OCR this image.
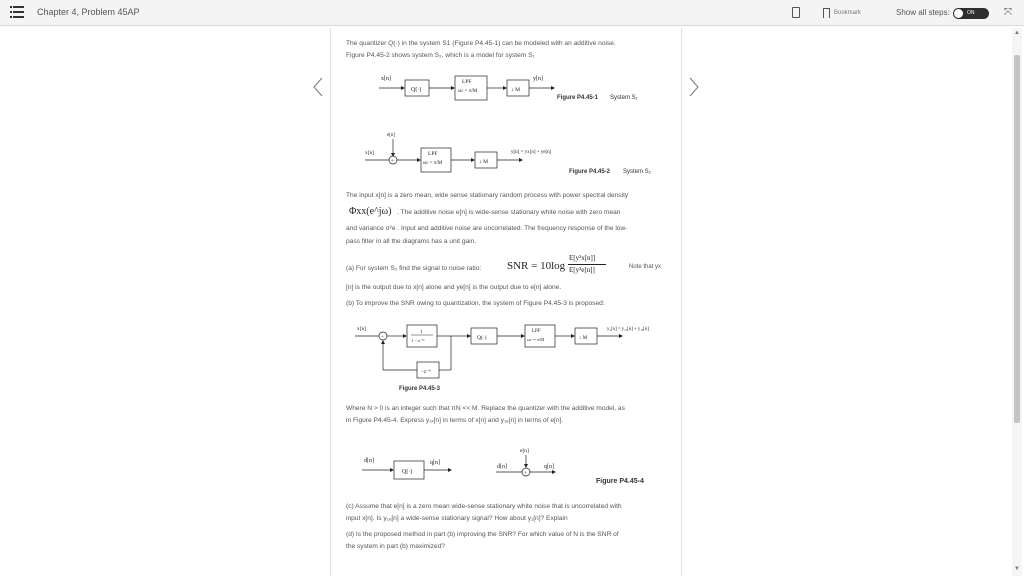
Chapter 4, Problem 45AP	Bookmark	Show all steps:	ON	⤧
▲
▼
The quantizer Q(·) in the system S1 (Figure P4.45-1) can be modeled with an additive noise.
Figure P4.45-2 shows system S₂, which is a model for system S₁
x[n]
Q(·)
LPF
ωc = π/M	↓ M
y[n]
Figure P4.45-1 System S₁
e[n]
x[n]
+
LPF
ωc = π/M	↓ M
y[n] = yx[n] + ye[n]
Figure P4.45-2 System S₂
The input x[n] is a zero mean, wide sense stationary random process with power spectral density
Φxx(e^jω) . The additive noise e[n] is wide-sense stationary white noise with zero mean
and variance σ²e . Input and additive noise are uncorrelated. The frequency response of the low-
pass filter in all the diagrams has a unit gain.
(a) For system S₂ find the signal to noise ratio: SNR = 10log
E[y²x[n]]
E[y²e[n]]	Note that yx
[n] is the output due to x[n] alone and ye[n] is the output due to e[n] alone.
(b) To improve the SNR owing to quantization, the system of Figure P4.45-3 is proposed:
x[n]
+
1
1 − z⁻ᴺ	Q(·)
LPF
ωc = π/M	↓ M
y₁[n] = y₁ₓ[n] + y₁ₑ[n]
−z⁻ᴺ
Figure P4.45-3
Where N > 0 is an integer such that πN << M. Replace the quantizer with the additive model, as
in Figure P4.45-4. Express y₁ₓ[n] in terms of x[n] and y₁ₑ[n] in terms of e[n].
d[n]
Q(·)
q[n]
e[n]
d[n]
+
q[n]
Figure P4.45-4
(c) Assume that e[n] is a zero mean wide-sense stationary white noise that is uncorrelated with
input x[n]. Is y₁ₑ[n] a wide-sense stationary signal? How about y₁[n]? Explain
(d) Is the proposed method in part (b) improving the SNR? For which value of N is the SNR of
the system in part (b) maximized?
